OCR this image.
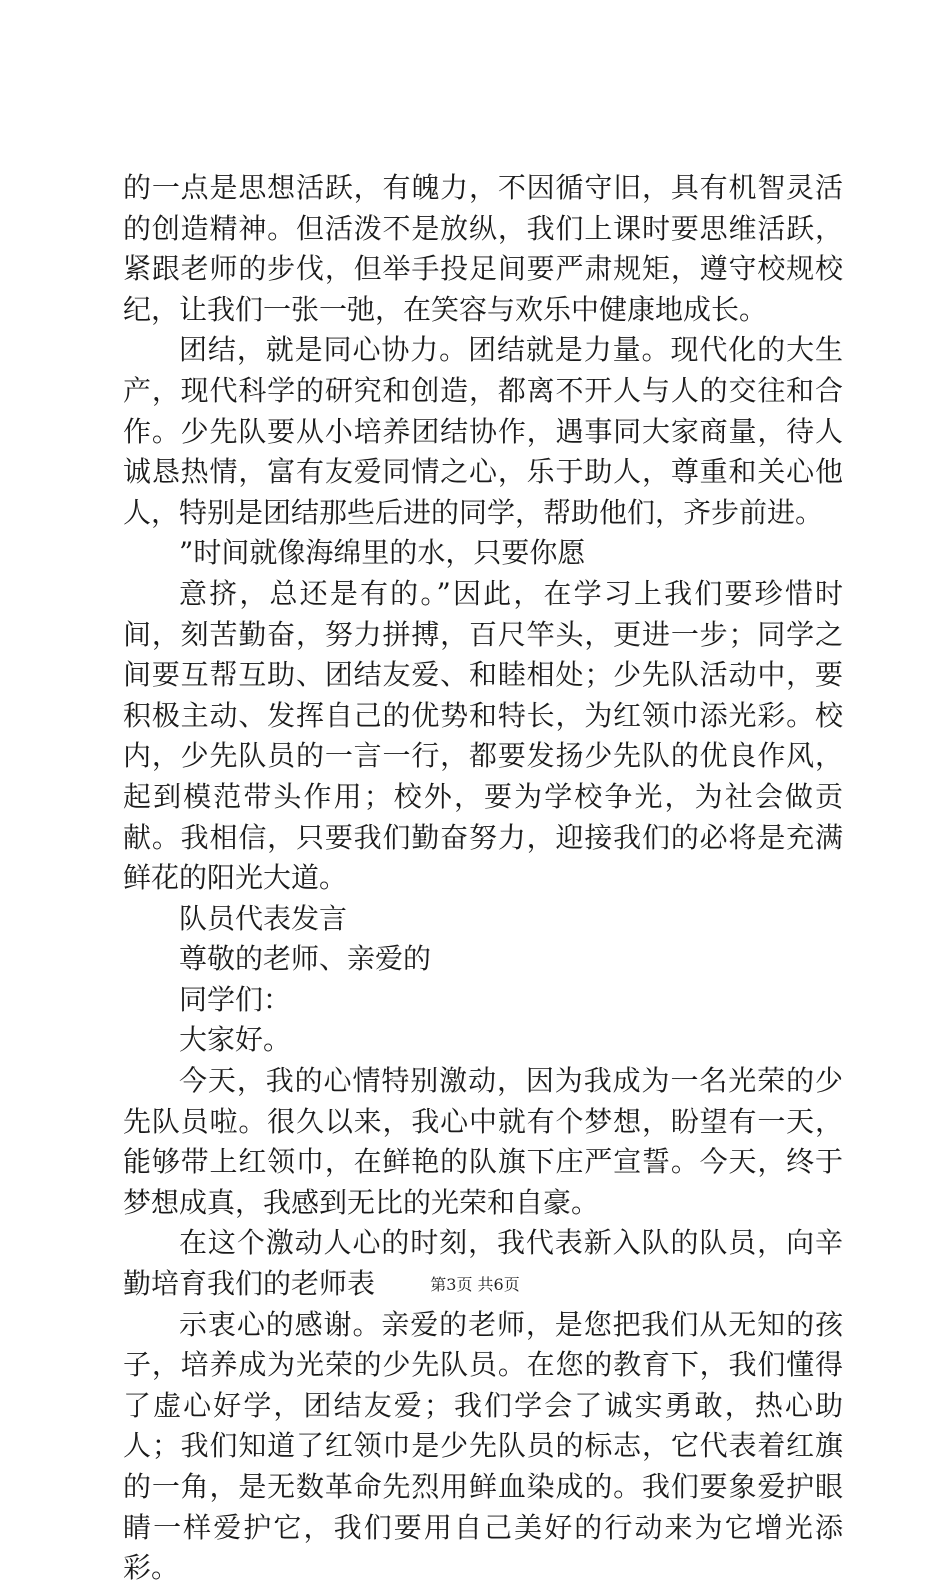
的一点是思想活跃，有魄力，不因循守旧，具有机智灵活的创造精神。但活泼不是放纵，我们上课时要思维活跃，紧跟老师的步伐，但举手投足间要严肃规矩，遵守校规校纪，让我们一张一弛，在笑容与欢乐中健康地成长。

团结，就是同心协力。团结就是力量。现代化的大生产，现代科学的研究和创造，都离不开人与人的交往和合作。少先队要从小培养团结协作，遇事同大家商量，待人诚恳热情，富有友爱同情之心，乐于助人，尊重和关心他人，特别是团结那些后进的同学，帮助他们，齐步前进。

”时间就像海绵里的水，只要你愿

意挤，总还是有的。”因此，在学习上我们要珍惜时间，刻苦勤奋，努力拼搏，百尺竿头，更进一步；同学之间要互帮互助、团结友爱、和睦相处；少先队活动中，要积极主动、发挥自己的优势和特长，为红领巾添光彩。校内，少先队员的一言一行，都要发扬少先队的优良作风，起到模范带头作用；校外，要为学校争光，为社会做贡献。我相信，只要我们勤奋努力，迎接我们的必将是充满鲜花的阳光大道。

队员代表发言

尊敬的老师、亲爱的

同学们：

大家好。

今天，我的心情特别激动，因为我成为一名光荣的少先队员啦。很久以来，我心中就有个梦想，盼望有一天，能够带上红领巾，在鲜艳的队旗下庄严宣誓。今天，终于梦想成真，我感到无比的光荣和自豪。

在这个激动人心的时刻，我代表新入队的队员，向辛勤培育我们的老师表

示衷心的感谢。亲爱的老师，是您把我们从无知的孩子，培养成为光荣的少先队员。在您的教育下，我们懂得了虚心好学，团结友爱；我们学会了诚实勇敢，热心助人；我们知道了红领巾是少先队员的标志，它代表着红旗的一角，是无数革命先烈用鲜血染成的。我们要象爱护眼睛一样爱护它，我们要用自己美好的行动来为它增光添彩。

第3页 共6页
